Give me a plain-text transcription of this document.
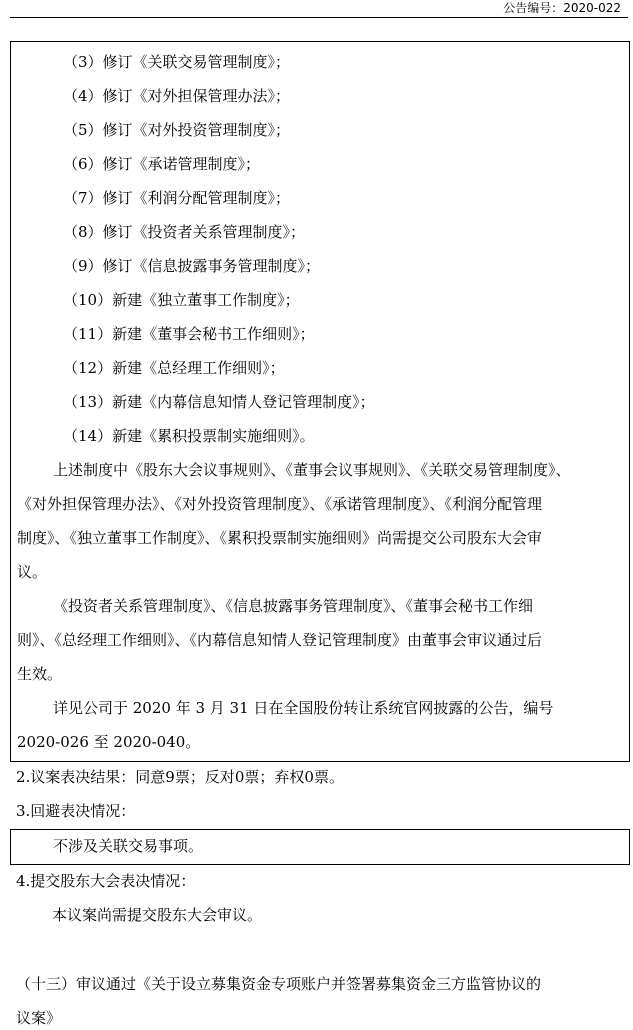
公告编号：2020-022
（3）修订《关联交易管理制度》；
（4）修订《对外担保管理办法》；
（5）修订《对外投资管理制度》；
（6）修订《承诺管理制度》；
（7）修订《利润分配管理制度》；
（8）修订《投资者关系管理制度》；
（9）修订《信息披露事务管理制度》；
（10）新建《独立董事工作制度》；
（11）新建《董事会秘书工作细则》；
（12）新建《总经理工作细则》；
（13）新建《内幕信息知情人登记管理制度》；
（14）新建《累积投票制实施细则》。
上述制度中《股东大会议事规则》、《董事会议事规则》、《关联交易管理制度》、
《对外担保管理办法》、《对外投资管理制度》、《承诺管理制度》、《利润分配管理
制度》、《独立董事工作制度》、《累积投票制实施细则》尚需提交公司股东大会审
议。
《投资者关系管理制度》、《信息披露事务管理制度》、《董事会秘书工作细
则》、《总经理工作细则》、《内幕信息知情人登记管理制度》由董事会审议通过后
生效。
详见公司于 2020 年 3 月 31 日在全国股份转让系统官网披露的公告，编号
2020-026 至 2020-040。
2.议案表决结果：同意9票；反对0票；弃权0票。
3.回避表决情况：
不涉及关联交易事项。
4.提交股东大会表决情况：
本议案尚需提交股东大会审议。
（十三）审议通过《关于设立募集资金专项账户并签署募集资金三方监管协议的
议案》
